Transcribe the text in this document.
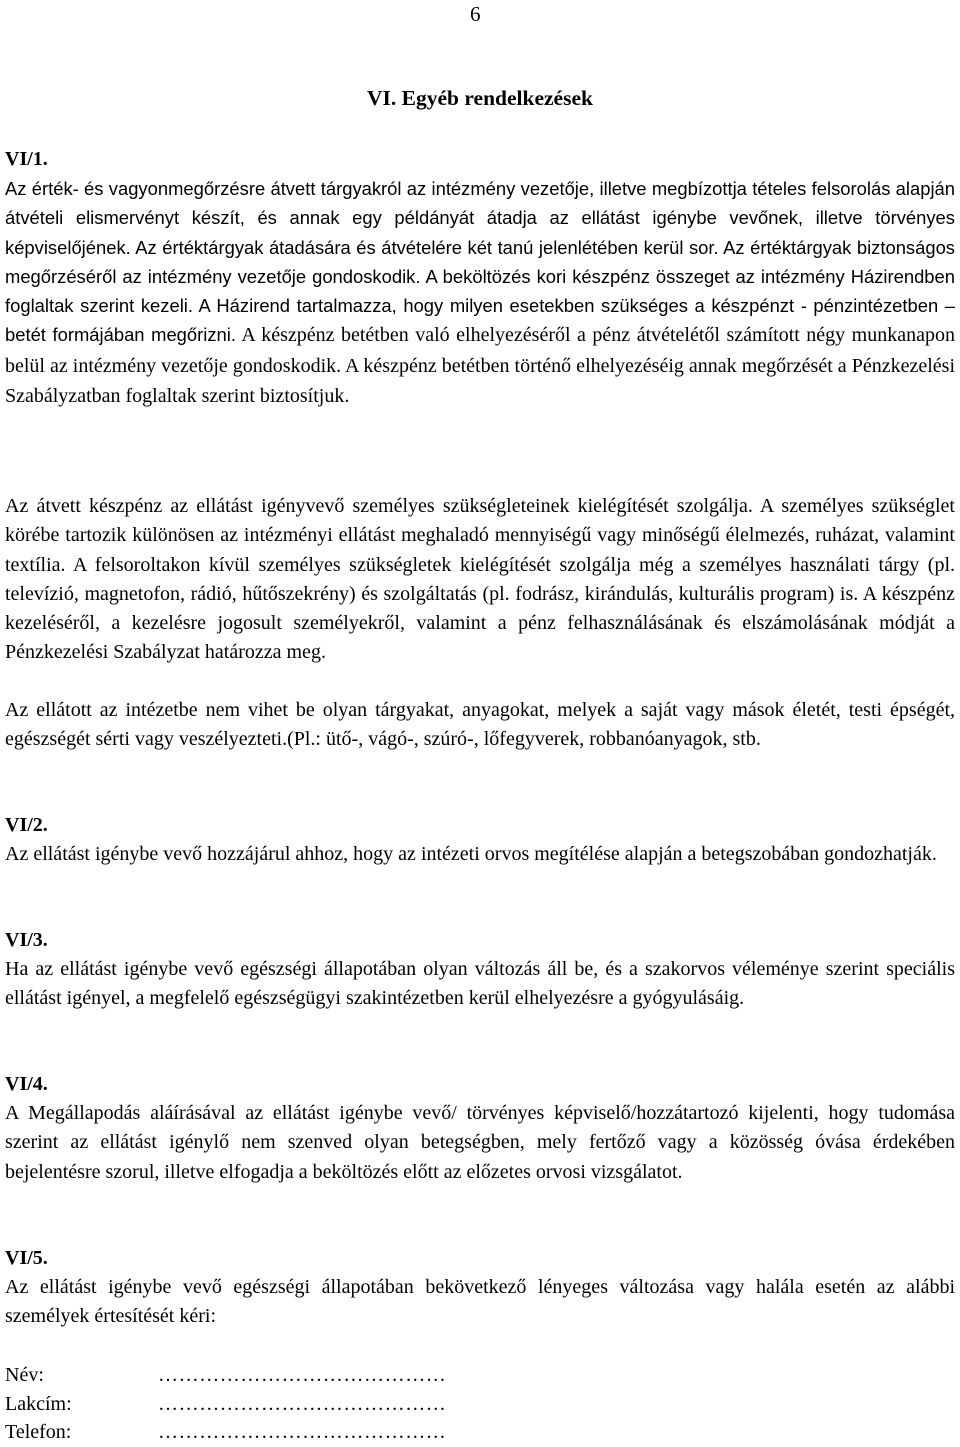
6
VI. Egyéb rendelkezések
VI/1.
Az érték- és vagyonmegőrzésre átvett tárgyakról az intézmény vezetője, illetve megbízottja tételes felsorolás alapján átvételi elismervényt készít, és annak egy példányát átadja az ellátást igénybe vevőnek, illetve törvényes képviselőjének. Az értéktárgyak átadására és átvételére két tanú jelenlétében kerül sor. Az értéktárgyak biztonságos megőrzéséről az intézmény vezetője gondoskodik. A beköltözés kori készpénz összeget az intézmény Házirendben foglaltak szerint kezeli. A Házirend tartalmazza, hogy milyen esetekben szükséges a készpénzt - pénzintézetben – betét formájában megőrizni. A készpénz betétben való elhelyezéséről a pénz átvételétől számított négy munkanapon belül az intézmény vezetője gondoskodik. A készpénz betétben történő elhelyezéséig annak megőrzését a Pénzkezelési Szabályzatban foglaltak szerint biztosítjuk.
Az átvett készpénz az ellátást igényvevő személyes szükségleteinek kielégítését szolgálja. A személyes szükséglet körébe tartozik különösen az intézményi ellátást meghaladó mennyiségű vagy minőségű élelmezés, ruházat, valamint textília. A felsoroltakon kívül személyes szükségletek kielégítését szolgálja még a személyes használati tárgy (pl. televízió, magnetofon, rádió, hűtőszekrény) és szolgáltatás (pl. fodrász, kirándulás, kulturális program) is. A készpénz kezeléséről, a kezelésre jogosult személyekről, valamint a pénz felhasználásának és elszámolásának módját a Pénzkezelési Szabályzat határozza meg.
Az ellátott az intézetbe nem vihet be olyan tárgyakat, anyagokat, melyek a saját vagy mások életét, testi épségét, egészségét sérti vagy veszélyezteti.(Pl.: ütő-, vágó-, szúró-, lőfegyverek, robbanóanyagok, stb.
VI/2.
Az ellátást igénybe vevő hozzájárul ahhoz, hogy az intézeti orvos megítélése alapján a betegszobában gondozhatják.
VI/3.
Ha az ellátást igénybe vevő egészségi állapotában olyan változás áll be, és a szakorvos véleménye szerint speciális ellátást igényel, a megfelelő egészségügyi szakintézetben kerül elhelyezésre a gyógyulásáig.
VI/4.
A Megállapodás aláírásával az ellátást igénybe vevő/ törvényes képviselő/hozzátartozó kijelenti, hogy tudomása szerint az ellátást igénylő nem szenved olyan betegségben, mely fertőző vagy a közösség óvása érdekében bejelentésre szorul, illetve elfogadja a beköltözés előtt az előzetes orvosi vizsgálatot.
VI/5.
Az ellátást igénybe vevő egészségi állapotában bekövetkező lényeges változása vagy halála esetén az alábbi személyek értesítését kéri:
Név:	……………………………………
Lakcím:	……………………………………
Telefon:	……………………………………
